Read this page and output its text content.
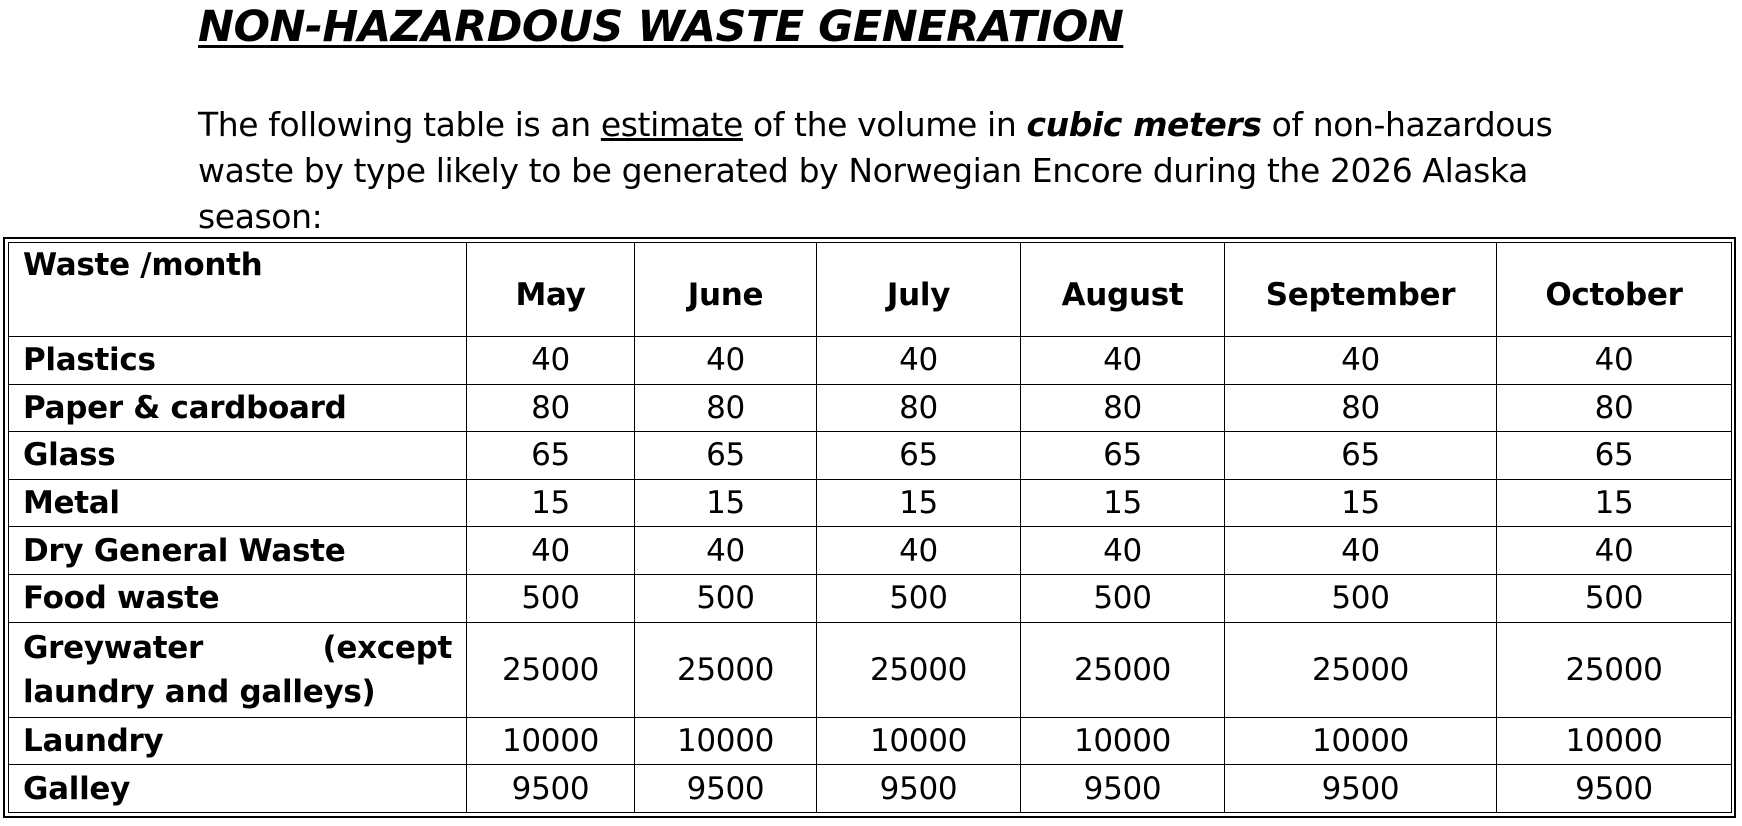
NON-HAZARDOUS WASTE GENERATION

The following table is an estimate of the volume in cubic meters of non-hazardous waste by type likely to be generated by Norwegian Encore during the 2026 Alaska season:

Waste /month	May	June	July	August	September	October
Plastics	40	40	40	40	40	40
Paper & cardboard	80	80	80	80	80	80
Glass	65	65	65	65	65	65
Metal	15	15	15	15	15	15
Dry General Waste	40	40	40	40	40	40
Food waste	500	500	500	500	500	500
Greywater (except laundry and galleys)	25000	25000	25000	25000	25000	25000
Laundry	10000	10000	10000	10000	10000	10000
Galley	9500	9500	9500	9500	9500	9500
